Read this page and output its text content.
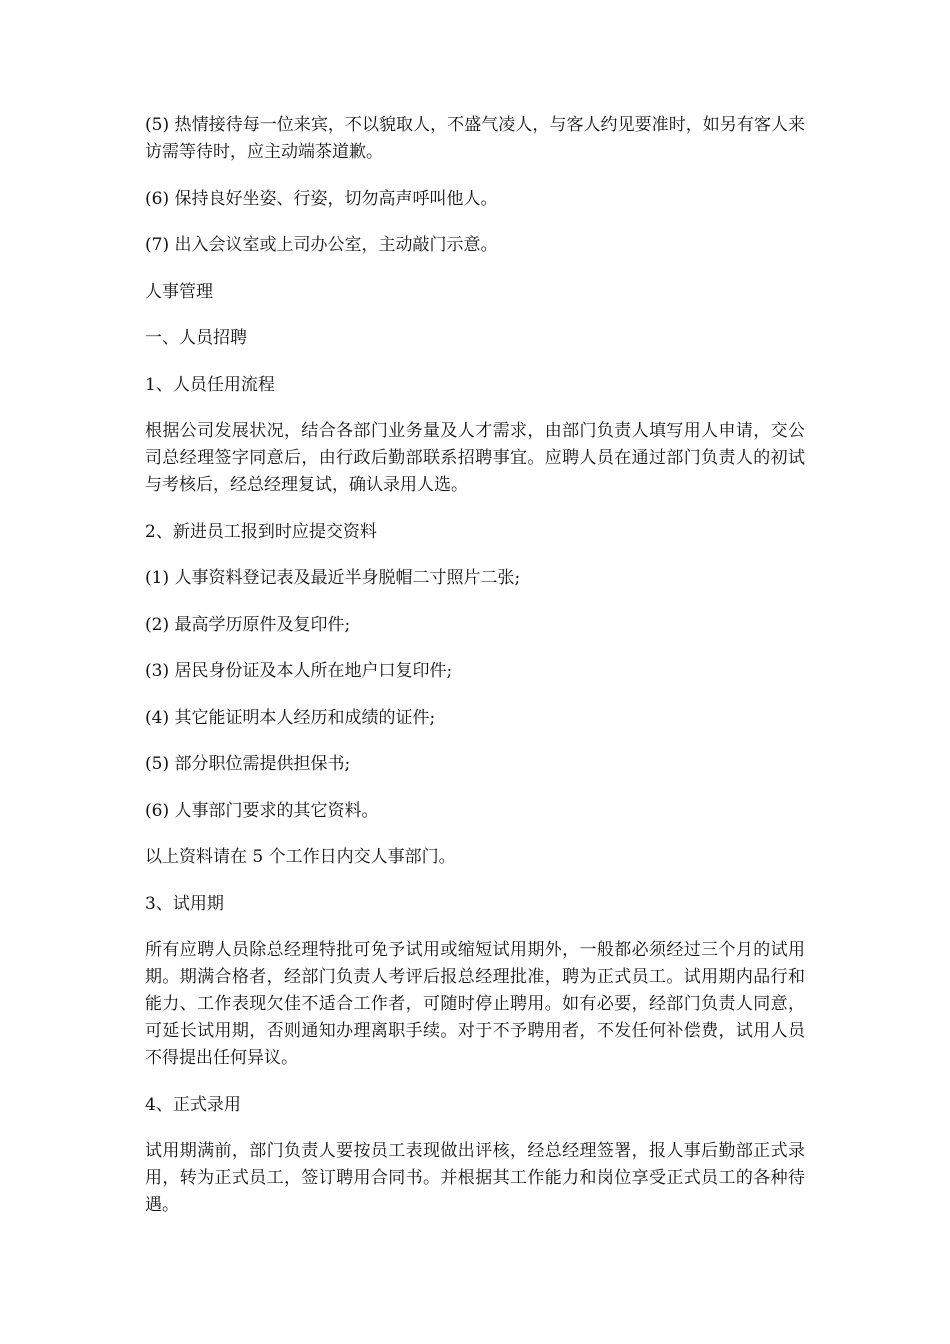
(5) 热情接待每一位来宾，不以貌取人，不盛气凌人，与客人约见要准时，如另有客人来访需等待时，应主动端茶道歉。

(6) 保持良好坐姿、行姿，切勿高声呼叫他人。

(7) 出入会议室或上司办公室，主动敲门示意。

人事管理

一、人员招聘

1、人员任用流程

根据公司发展状况，结合各部门业务量及人才需求，由部门负责人填写用人申请，交公司总经理签字同意后，由行政后勤部联系招聘事宜。应聘人员在通过部门负责人的初试与考核后，经总经理复试，确认录用人选。

2、新进员工报到时应提交资料

(1) 人事资料登记表及最近半身脱帽二寸照片二张;

(2) 最高学历原件及复印件;

(3) 居民身份证及本人所在地户口复印件;

(4) 其它能证明本人经历和成绩的证件;

(5) 部分职位需提供担保书;

(6) 人事部门要求的其它资料。

以上资料请在 5 个工作日内交人事部门。

3、试用期

所有应聘人员除总经理特批可免予试用或缩短试用期外，一般都必须经过三个月的试用期。期满合格者，经部门负责人考评后报总经理批准，聘为正式员工。试用期内品行和能力、工作表现欠佳不适合工作者，可随时停止聘用。如有必要，经部门负责人同意，可延长试用期，否则通知办理离职手续。对于不予聘用者，不发任何补偿费，试用人员不得提出任何异议。

4、正式录用

试用期满前，部门负责人要按员工表现做出评核，经总经理签署，报人事后勤部正式录用，转为正式员工，签订聘用合同书。并根据其工作能力和岗位享受正式员工的各种待遇。
